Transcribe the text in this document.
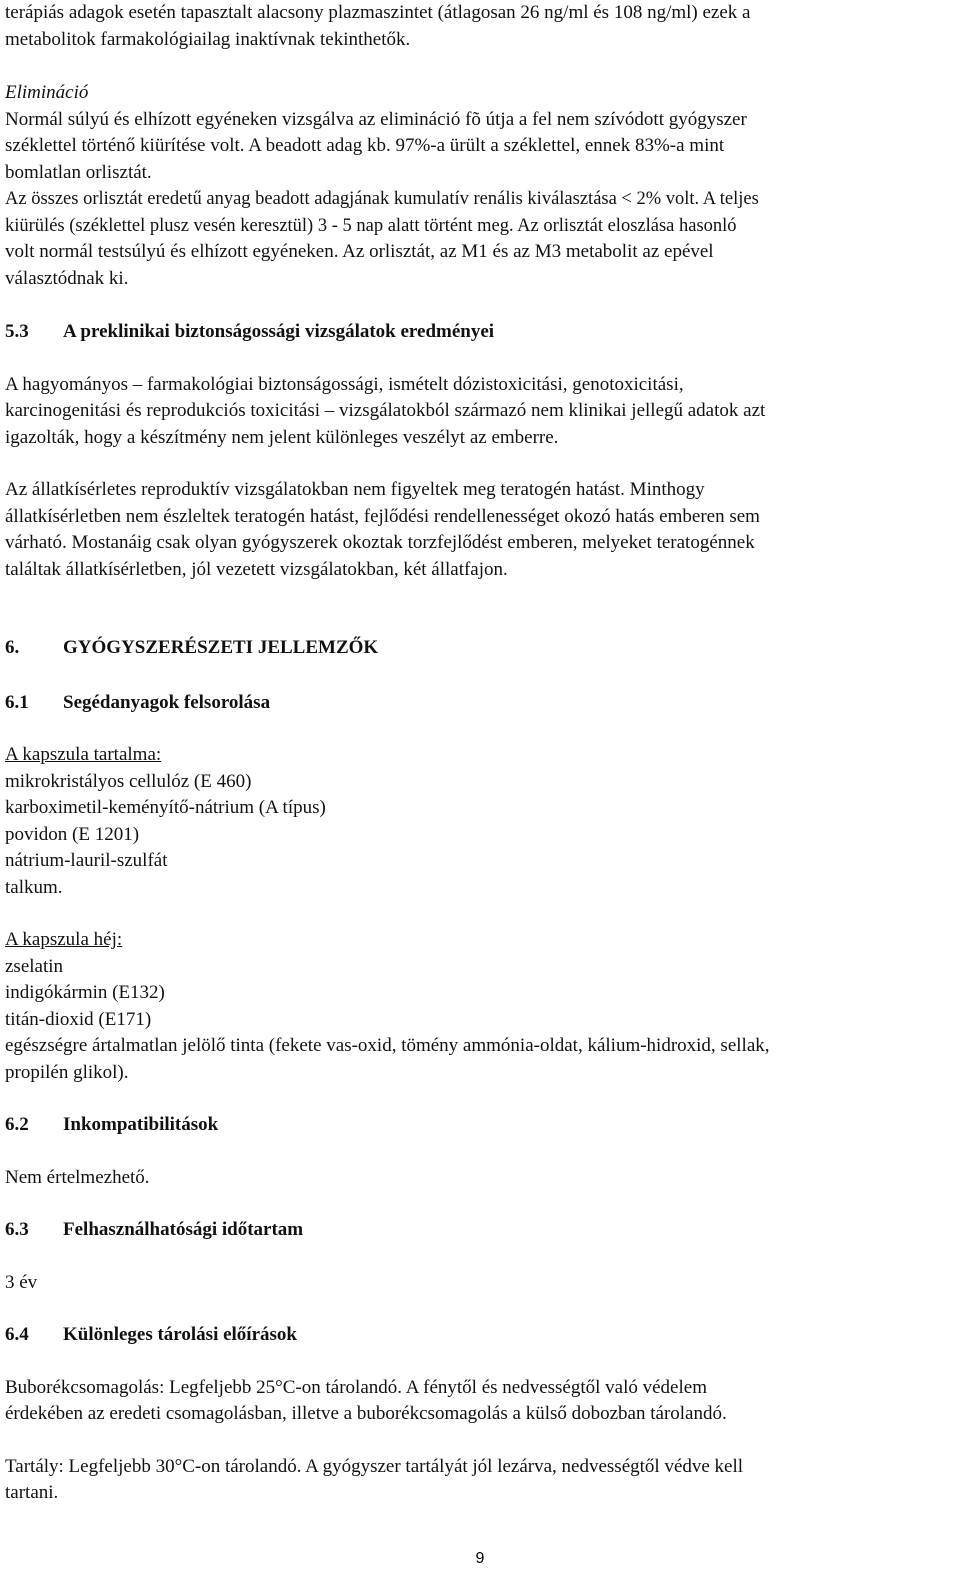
terápiás adagok esetén tapasztalt alacsony plazmaszintet (átlagosan 26 ng/ml és 108 ng/ml) ezek a

metabolitok farmakológiailag inaktívnak tekinthetők.

Elimináció

Normál súlyú és elhízott egyéneken vizsgálva az elimináció fõ útja a fel nem szívódott gyógyszer

széklettel történő kiürítése volt. A beadott adag kb. 97%-a ürült a széklettel, ennek 83%-a mint

bomlatlan orlisztát.

Az összes orlisztát eredetű anyag beadott adagjának kumulatív renális kiválasztása < 2% volt. A teljes

kiürülés (széklettel plusz vesén keresztül) 3 - 5 nap alatt történt meg. Az orlisztát eloszlása hasonló

volt normál testsúlyú és elhízott egyéneken. Az orlisztát, az M1 és az M3 metabolit az epével

választódnak ki.

5.3	A preklinikai biztonságossági vizsgálatok eredményei

A hagyományos – farmakológiai biztonságossági, ismételt dózistoxicitási, genotoxicitási,

karcinogenitási és reprodukciós toxicitási – vizsgálatokból származó nem klinikai jellegű adatok azt

igazolták, hogy a készítmény nem jelent különleges veszélyt az emberre.

Az állatkísérletes reproduktív vizsgálatokban nem figyeltek meg teratogén hatást. Minthogy

állatkísérletben nem észleltek teratogén hatást, fejlődési rendellenességet okozó hatás emberen sem

várható. Mostanáig csak olyan gyógyszerek okoztak torzfejlődést emberen, melyeket teratogénnek

találtak állatkísérletben, jól vezetett vizsgálatokban, két állatfajon.

6.	GYÓGYSZERÉSZETI JELLEMZŐK

6.1	Segédanyagok felsorolása

A kapszula tartalma:

mikrokristályos cellulóz (E 460)

karboximetil-keményítő-nátrium (A típus)

povidon (E 1201)

nátrium-lauril-szulfát

talkum.

A kapszula héj:

zselatin

indigókármin (E132)

titán-dioxid (E171)

egészségre ártalmatlan jelölő tinta (fekete vas-oxid, tömény ammónia-oldat, kálium-hidroxid, sellak,

propilén glikol).

6.2	Inkompatibilitások

Nem értelmezhető.

6.3	Felhasználhatósági időtartam

3 év

6.4	Különleges tárolási előírások

Buborékcsomagolás: Legfeljebb 25°C-on tárolandó. A fénytől és nedvességtől való védelem

érdekében az eredeti csomagolásban, illetve a buborékcsomagolás a külső dobozban tárolandó.

Tartály: Legfeljebb 30°C-on tárolandó. A gyógyszer tartályát jól lezárva, nedvességtől védve kell

tartani.

9
